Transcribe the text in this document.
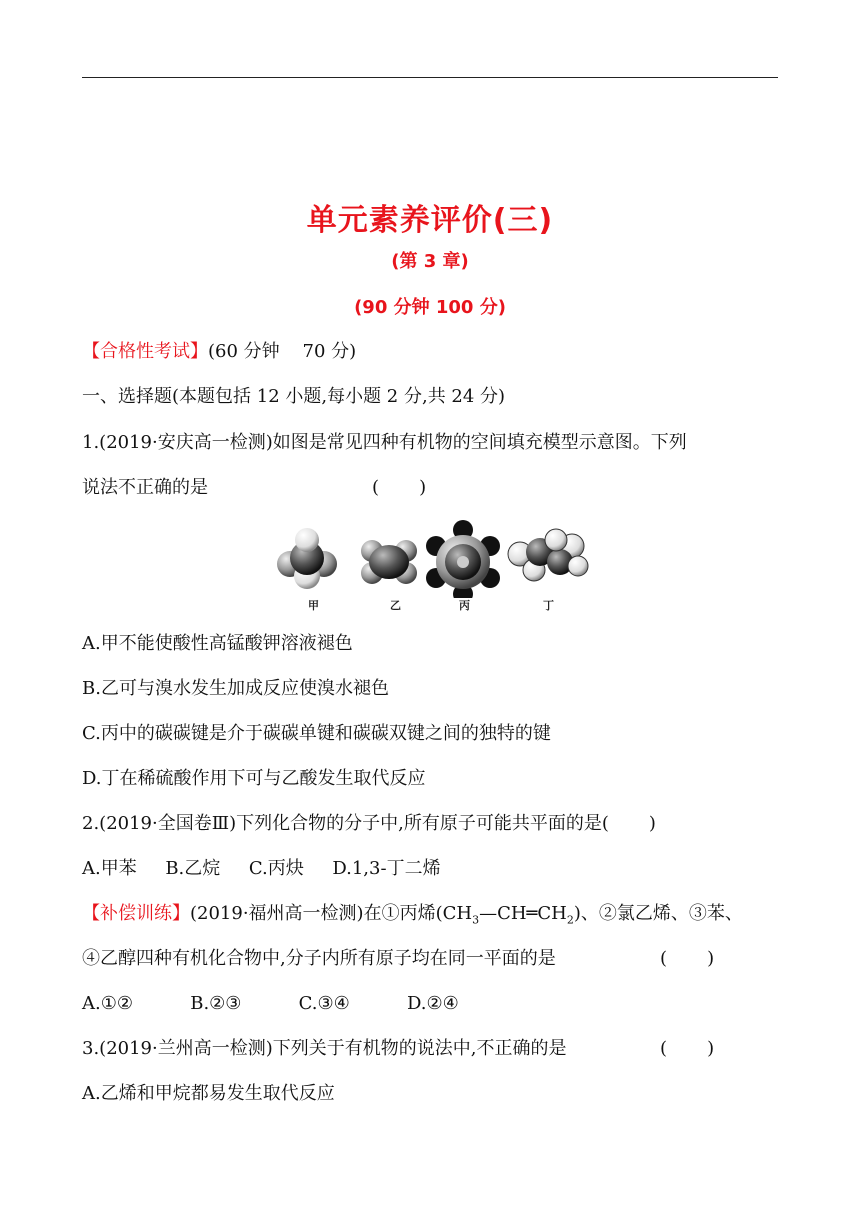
单元素养评价(三)
(第 3 章)
(90 分钟 100 分)
【合格性考试】(60 分钟    70 分)
一、选择题(本题包括 12 小题,每小题 2 分,共 24 分)
1.(2019·安庆高一检测)如图是常见四种有机物的空间填充模型示意图。下列
说法不正确的是	(       )
甲	乙	丙	丁
A.甲不能使酸性高锰酸钾溶液褪色
B.乙可与溴水发生加成反应使溴水褪色
C.丙中的碳碳键是介于碳碳单键和碳碳双键之间的独特的键
D.丁在稀硫酸作用下可与乙酸发生取代反应
2.(2019·全国卷Ⅲ)下列化合物的分子中,所有原子可能共平面的是(       )
A.甲苯     B.乙烷     C.丙炔     D.1,3-丁二烯
【补偿训练】(2019·福州高一检测)在①丙烯$(CH_3—CH═CH_2)$、②氯乙烯、③苯、
④乙醇四种有机化合物中,分子内所有原子均在同一平面的是	(       )
A.①②          B.②③          C.③④          D.②④
3.(2019·兰州高一检测)下列关于有机物的说法中,不正确的是	(       )
A.乙烯和甲烷都易发生取代反应
